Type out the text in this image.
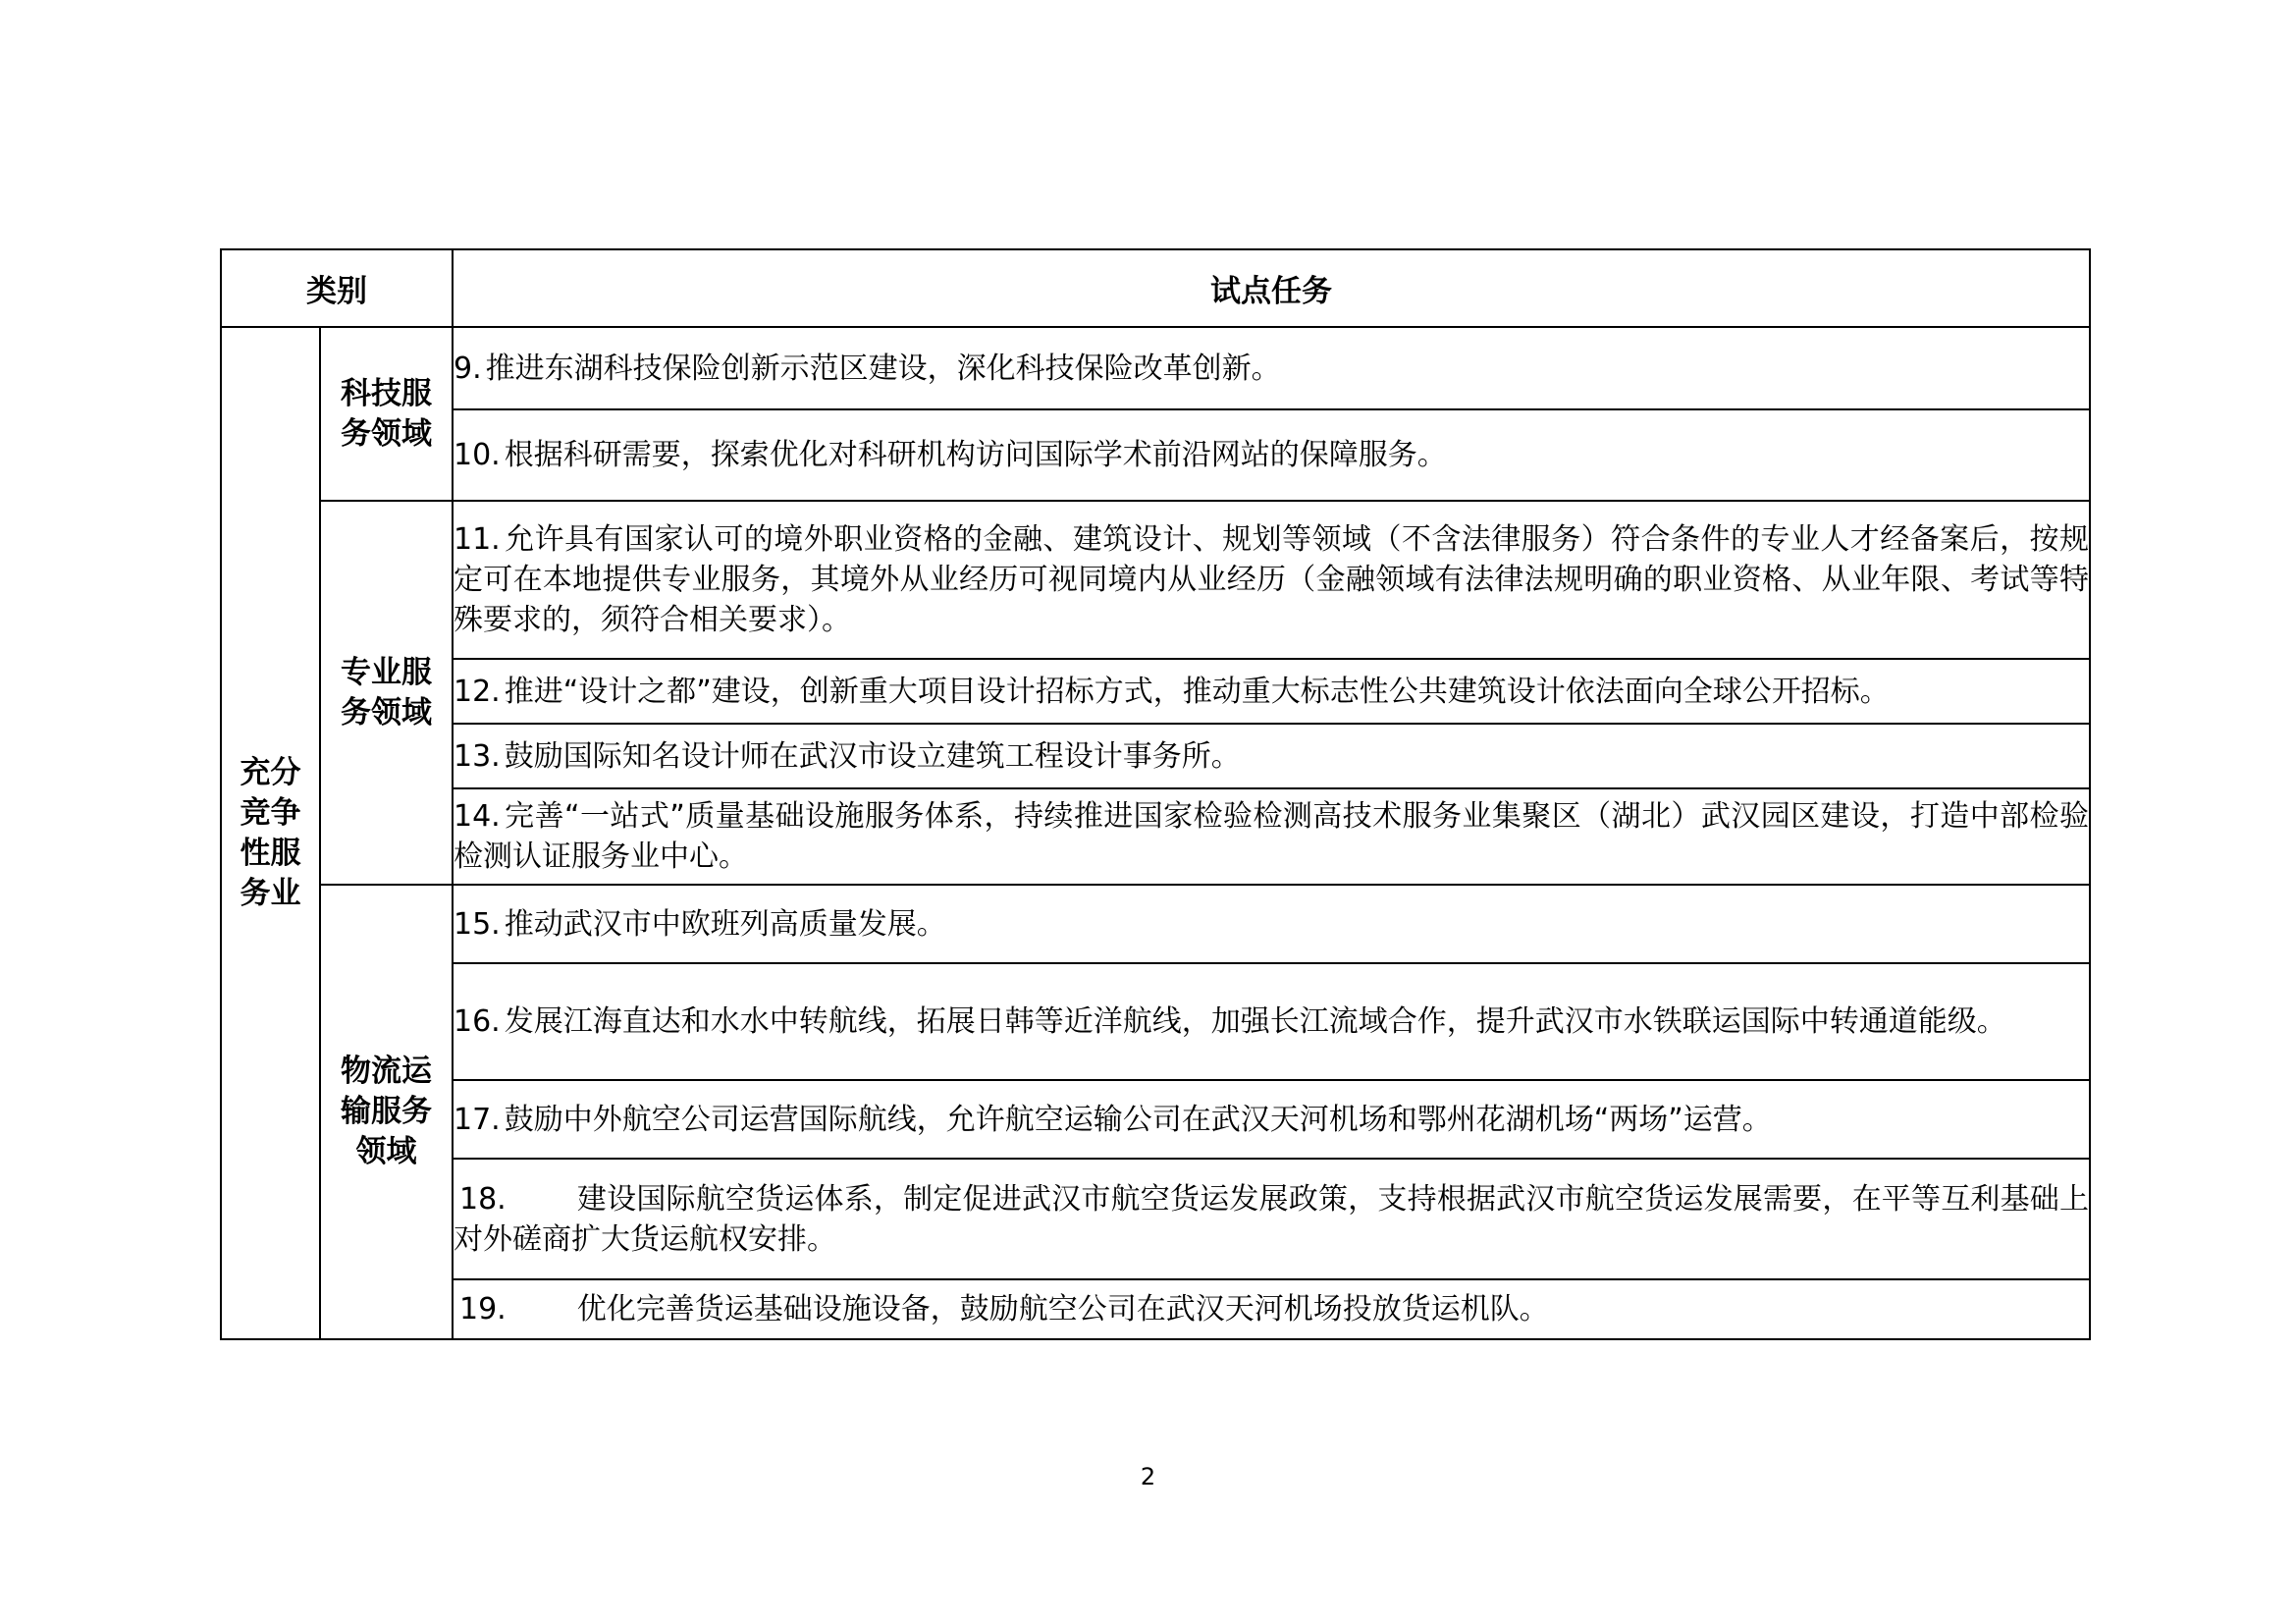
类别		试点任务
充分竞争性服务业	科技服务领域	9. 推进东湖科技保险创新示范区建设，深化科技保险改革创新。
		10. 根据科研需要，探索优化对科研机构访问国际学术前沿网站的保障服务。
	专业服务领域	11. 允许具有国家认可的境外职业资格的金融、建筑设计、规划等领域（不含法律服务）符合条件的专业人才经备案后，按规定可在本地提供专业服务，其境外从业经历可视同境内从业经历（金融领域有法律法规明确的职业资格、从业年限、考试等特殊要求的，须符合相关要求）。
		12. 推进“设计之都”建设，创新重大项目设计招标方式，推动重大标志性公共建筑设计依法面向全球公开招标。
		13. 鼓励国际知名设计师在武汉市设立建筑工程设计事务所。
		14. 完善“一站式”质量基础设施服务体系，持续推进国家检验检测高技术服务业集聚区（湖北）武汉园区建设，打造中部检验检测认证服务业中心。
	物流运输服务领域	15. 推动武汉市中欧班列高质量发展。
		16. 发展江海直达和水水中转航线，拓展日韩等近洋航线，加强长江流域合作，提升武汉市水铁联运国际中转通道能级。
		17. 鼓励中外航空公司运营国际航线，允许航空运输公司在武汉天河机场和鄂州花湖机场“两场”运营。
		18. 建设国际航空货运体系，制定促进武汉市航空货运发展政策，支持根据武汉市航空货运发展需要，在平等互利基础上对外磋商扩大货运航权安排。
		19. 优化完善货运基础设施设备，鼓励航空公司在武汉天河机场投放货运机队。
2
